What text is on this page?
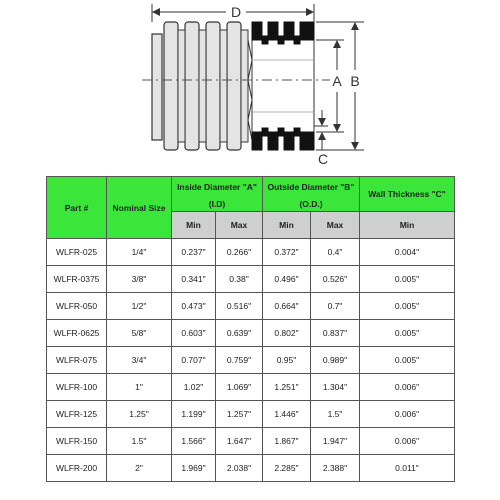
D
A B
C
Part #	Nominal Size	Inside Diameter "A"		Outside Diameter "B"		Wall Thickness "C"
		(I.D)		(O.D.)		
		Min	Max	Min	Max	Min
WLFR-025	1/4"	0.237"	0.266"	0.372"	0.4"	0.004"
WLFR-0375	3/8"	0.341"	0.38"	0.496"	0.526"	0.005"
WLFR-050	1/2"	0.473"	0.516"	0.664"	0.7"	0.005"
WLFR-0625	5/8"	0.603"	0.639"	0.802"	0.837"	0.005"
WLFR-075	3/4"	0.707"	0.759"	0.95"	0.989"	0.005"
WLFR-100	1"	1.02"	1.069"	1.251"	1.304"	0.006"
WLFR-125	1.25"	1.199"	1.257"	1.446"	1.5"	0.006"
WLFR-150	1.5"	1.566"	1.647"	1.867"	1.947"	0.006"
WLFR-200	2"	1.969"	2.038"	2.285"	2.388"	0.011"
